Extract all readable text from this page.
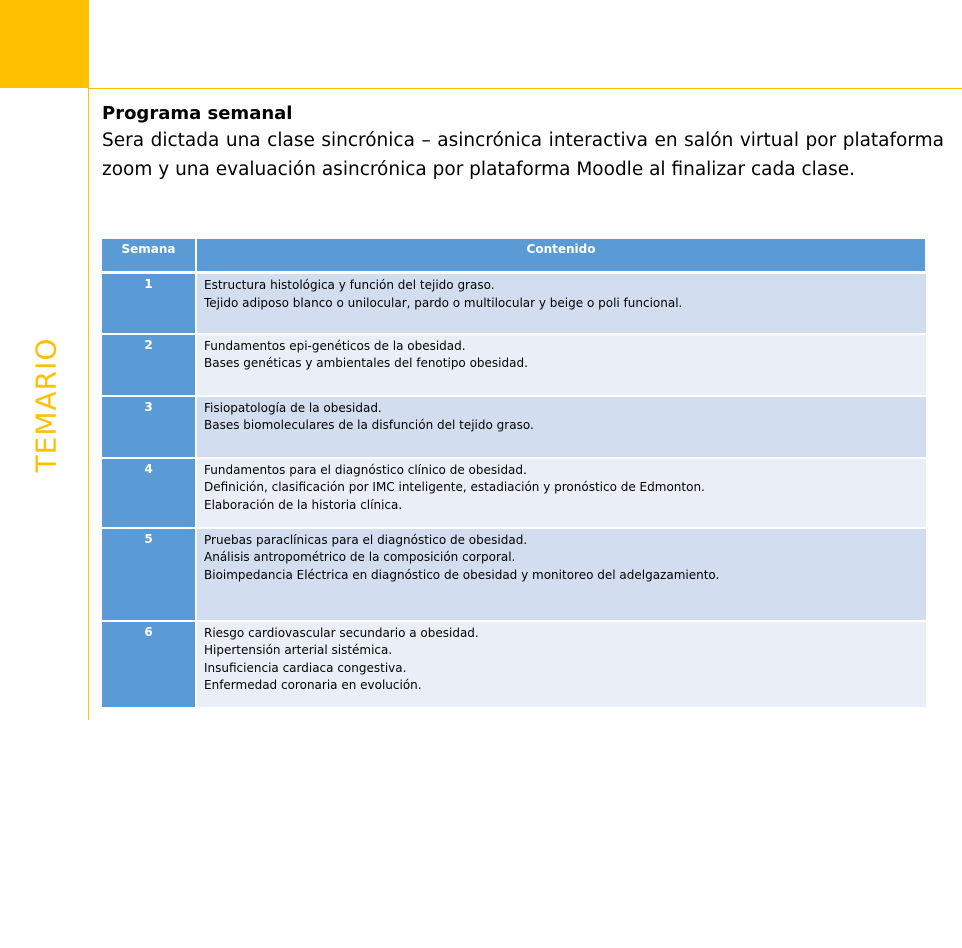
TEMARIO

Programa semanal

Sera dictada una clase sincrónica – asincrónica interactiva en salón virtual por plataforma zoom y una evaluación asincrónica por plataforma Moodle al finalizar cada clase.

Semana	Contenido
1	Estructura histológica y función del tejido graso.
Tejido adiposo blanco o unilocular, pardo o multilocular y beige o poli funcional.

2	Fundamentos epi-genéticos de la obesidad.
Bases genéticas y ambientales del fenotipo obesidad.

3	Fisiopatología de la obesidad.
Bases biomoleculares de la disfunción del tejido graso.

4	Fundamentos para el diagnóstico clínico de obesidad.
Definición, clasificación por IMC inteligente, estadiación y pronóstico de Edmonton.
Elaboración de la historia clínica.

5	Pruebas paraclínicas para el diagnóstico de obesidad.
Análisis antropométrico de la composición corporal.
Bioimpedancia Eléctrica en diagnóstico de obesidad y monitoreo del adelgazamiento.

6	Riesgo cardiovascular secundario a obesidad.
Hipertensión arterial sistémica.
Insuficiencia cardiaca congestiva.
Enfermedad coronaria en evolución.
